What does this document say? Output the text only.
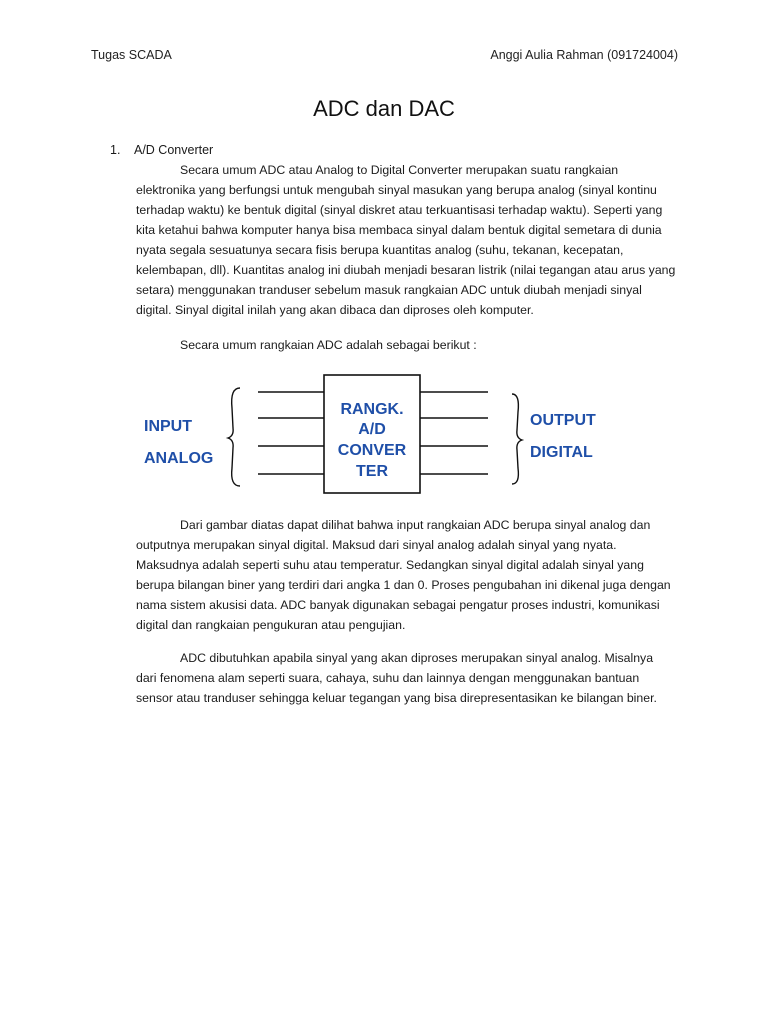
Tugas SCADA	Anggi Aulia Rahman (091724004)
ADC dan DAC
1. A/D Converter

Secara umum ADC atau Analog to Digital Converter merupakan suatu rangkaian elektronika yang berfungsi untuk mengubah sinyal masukan yang berupa analog (sinyal kontinu terhadap waktu) ke bentuk digital (sinyal diskret atau terkuantisasi terhadap waktu). Seperti yang kita ketahui bahwa komputer hanya bisa membaca sinyal dalam bentuk digital semetara di dunia nyata segala sesuatunya secara fisis berupa kuantitas analog (suhu, tekanan, kecepatan, kelembapan, dll). Kuantitas analog ini diubah menjadi besaran listrik (nilai tegangan atau arus yang setara) menggunakan tranduser sebelum masuk rangkaian ADC untuk diubah menjadi sinyal digital. Sinyal digital inilah yang akan dibaca dan diproses oleh komputer.

Secara umum rangkaian ADC adalah sebagai berikut :

INPUT
ANALOG
RANGK.
A/D
CONVER
TER
OUTPUT
DIGITAL

Dari gambar diatas dapat dilihat bahwa input rangkaian ADC berupa sinyal analog dan outputnya merupakan sinyal digital. Maksud dari sinyal analog adalah sinyal yang nyata. Maksudnya adalah seperti suhu atau temperatur. Sedangkan sinyal digital adalah sinyal yang berupa bilangan biner yang terdiri dari angka 1 dan 0. Proses pengubahan ini dikenal juga dengan nama sistem akusisi data. ADC banyak digunakan sebagai pengatur proses industri, komunikasi digital dan rangkaian pengukuran atau pengujian.

ADC dibutuhkan apabila sinyal yang akan diproses merupakan sinyal analog. Misalnya dari fenomena alam seperti suara, cahaya, suhu dan lainnya dengan menggunakan bantuan sensor atau tranduser sehingga keluar tegangan yang bisa direpresentasikan ke bilangan biner.
